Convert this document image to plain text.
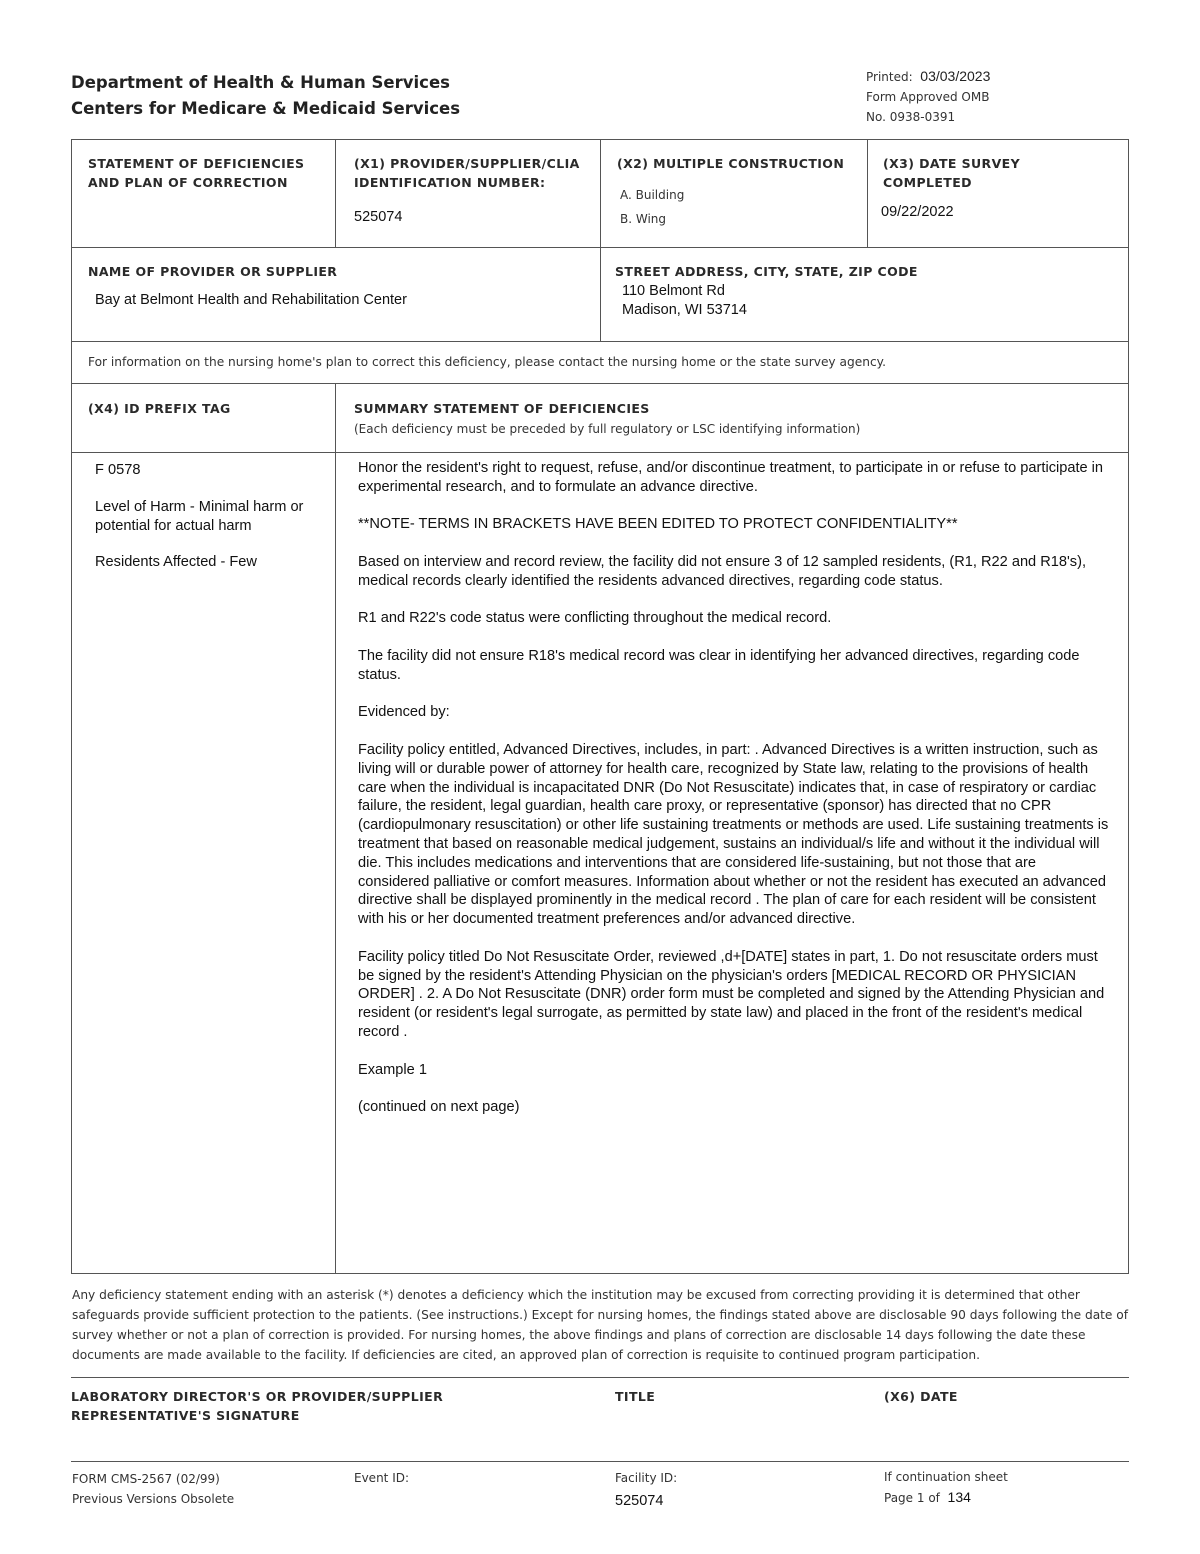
Department of Health & Human Services
Centers for Medicare & Medicaid Services
Printed: 03/03/2023
Form Approved OMB
No. 0938-0391
STATEMENT OF DEFICIENCIES
AND PLAN OF CORRECTION
(X1) PROVIDER/SUPPLIER/CLIA
IDENTIFICATION NUMBER:
525074
(X2) MULTIPLE CONSTRUCTION
A. Building
B. Wing
(X3) DATE SURVEY
COMPLETED
09/22/2022
NAME OF PROVIDER OR SUPPLIER
Bay at Belmont Health and Rehabilitation Center
STREET ADDRESS, CITY, STATE, ZIP CODE
110 Belmont Rd
Madison, WI 53714
For information on the nursing home's plan to correct this deficiency, please contact the nursing home or the state survey agency.
(X4) ID PREFIX TAG	SUMMARY STATEMENT OF DEFICIENCIES
(Each deficiency must be preceded by full regulatory or LSC identifying information)

F 0578

Level of Harm - Minimal harm or potential for actual harm

Residents Affected - Few

Honor the resident's right to request, refuse, and/or discontinue treatment, to participate in or refuse to participate in experimental research, and to formulate an advance directive.

**NOTE- TERMS IN BRACKETS HAVE BEEN EDITED TO PROTECT CONFIDENTIALITY**

Based on interview and record review, the facility did not ensure 3 of 12 sampled residents, (R1, R22 and R18's), medical records clearly identified the residents advanced directives, regarding code status.

R1 and R22's code status were conflicting throughout the medical record.

The facility did not ensure R18's medical record was clear in identifying her advanced directives, regarding code status.

Evidenced by:

Facility policy entitled, Advanced Directives, includes, in part: . Advanced Directives is a written instruction, such as living will or durable power of attorney for health care, recognized by State law, relating to the provisions of health care when the individual is incapacitated DNR (Do Not Resuscitate) indicates that, in case of respiratory or cardiac failure, the resident, legal guardian, health care proxy, or representative (sponsor) has directed that no CPR (cardiopulmonary resuscitation) or other life sustaining treatments or methods are used. Life sustaining treatments is treatment that based on reasonable medical judgement, sustains an individual/s life and without it the individual will die. This includes medications and interventions that are considered life-sustaining, but not those that are considered palliative or comfort measures. Information about whether or not the resident has executed an advanced directive shall be displayed prominently in the medical record . The plan of care for each resident will be consistent with his or her documented treatment preferences and/or advanced directive.

Facility policy titled Do Not Resuscitate Order, reviewed ,d+[DATE] states in part, 1. Do not resuscitate orders must be signed by the resident's Attending Physician on the physician's orders [MEDICAL RECORD OR PHYSICIAN ORDER] . 2. A Do Not Resuscitate (DNR) order form must be completed and signed by the Attending Physician and resident (or resident's legal surrogate, as permitted by state law) and placed in the front of the resident's medical record .

Example 1

(continued on next page)

Any deficiency statement ending with an asterisk (*) denotes a deficiency which the institution may be excused from correcting providing it is determined that other safeguards provide sufficient protection to the patients. (See instructions.) Except for nursing homes, the findings stated above are disclosable 90 days following the date of survey whether or not a plan of correction is provided. For nursing homes, the above findings and plans of correction are disclosable 14 days following the date these documents are made available to the facility. If deficiencies are cited, an approved plan of correction is requisite to continued program participation.
LABORATORY DIRECTOR'S OR PROVIDER/SUPPLIER
REPRESENTATIVE'S SIGNATURE
TITLE	(X6) DATE
FORM CMS-2567 (02/99)
Previous Versions Obsolete
Event ID:	Facility ID:
525074
If continuation sheet
Page 1 of 134
